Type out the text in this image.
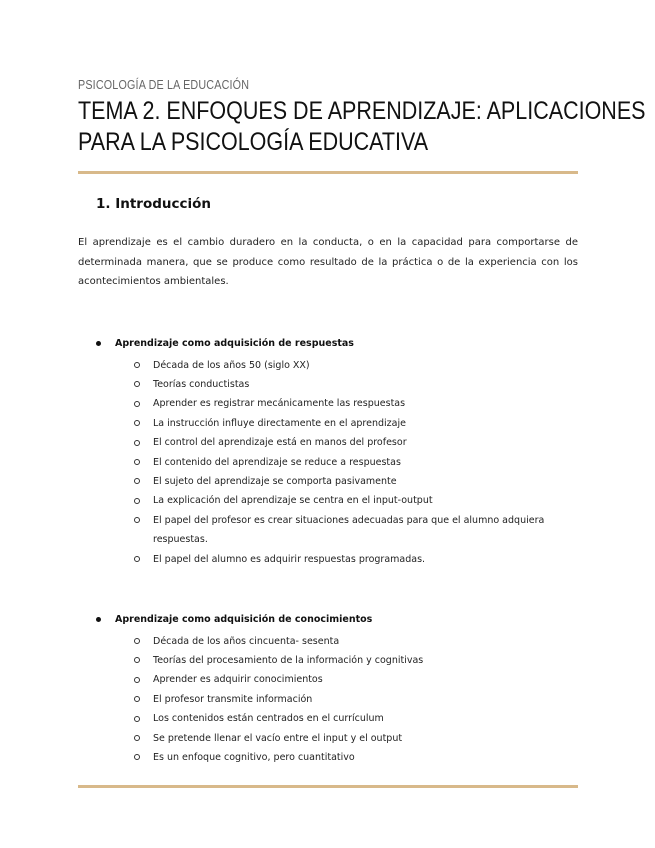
PSICOLOGÍA DE LA EDUCACIÓN
TEMA 2. ENFOQUES DE APRENDIZAJE: APLICACIONES
PARA LA PSICOLOGÍA EDUCATIVA
1. Introducción

El aprendizaje es el cambio duradero en la conducta, o en la capacidad para comportarse de determinada manera, que se produce como resultado de la práctica o de la experiencia con los acontecimientos ambientales.

Aprendizaje como adquisición de respuestas
Década de los años 50 (siglo XX)
Teorías conductistas
Aprender es registrar mecánicamente las respuestas
La instrucción influye directamente en el aprendizaje
El control del aprendizaje está en manos del profesor
El contenido del aprendizaje se reduce a respuestas
El sujeto del aprendizaje se comporta pasivamente
La explicación del aprendizaje se centra en el input-output
El papel del profesor es crear situaciones adecuadas para que el alumno adquiera respuestas.
El papel del alumno es adquirir respuestas programadas.
Aprendizaje como adquisición de conocimientos
Década de los años cincuenta- sesenta
Teorías del procesamiento de la información y cognitivas
Aprender es adquirir conocimientos
El profesor transmite información
Los contenidos están centrados en el currículum
Se pretende llenar el vacío entre el input y el output
Es un enfoque cognitivo, pero cuantitativo
